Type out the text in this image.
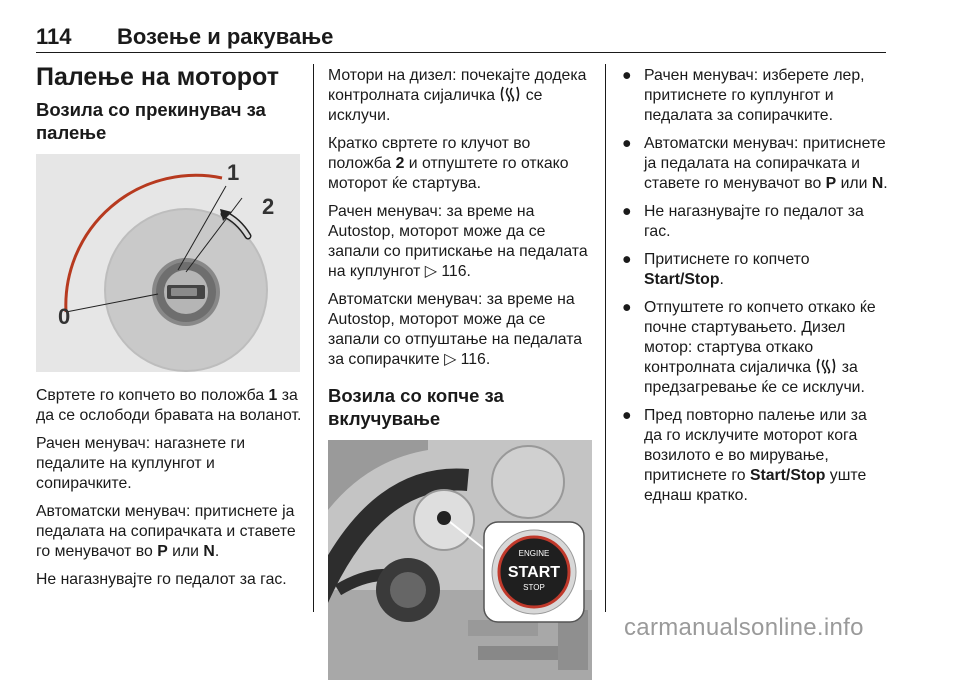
114 Возење и ракување
Палење на моторот
Возила со прекинувач за палење
0
1
2

Свртете го копчето во положба 1 за да се ослободи бравата на воланот.

Рачен менувач: нагазнете ги педалите на куплунгот и сопирачките.

Автоматски менувач: притиснете ја педалата на сопирачката и ставете го менувачот во P или N.

Не нагазнувајте го педалот за гас.

Мотори на дизел: почекајте додека контролната сијаличка  се исклучи.

Кратко свртете го клучот во положба 2 и отпуштете го откако моторот ќе стартува.

Рачен менувач: за време на Autostop, моторот може да се запали со притискање на педалата на куплунгот ▷ 116.

Автоматски менувач: за време на Autostop, моторот може да се запали со отпуштање на педалата за сопирачките ▷ 116.

Возила со копче за вклучување
ENGINE
START
STOP
● Рачен менувач: изберете лер, притиснете го куплунгот и педалата за сопирачките.
● Автоматски менувач: притиснете ја педалата на сопирачката и ставете го менувачот во P или N.
● Не нагазнувајте го педалот за гас.
● Притиснете го копчето Start/Stop.
● Отпуштете го копчето откако ќе почне стартувањето. Дизел мотор: стартува откако контролната сијаличка  за предзагревање ќе се исклучи.
● Пред повторно палење или за да го исклучите моторот кога возилото е во мирување, притиснете го Start/Stop уште еднаш кратко.
carmanualsonline.info
